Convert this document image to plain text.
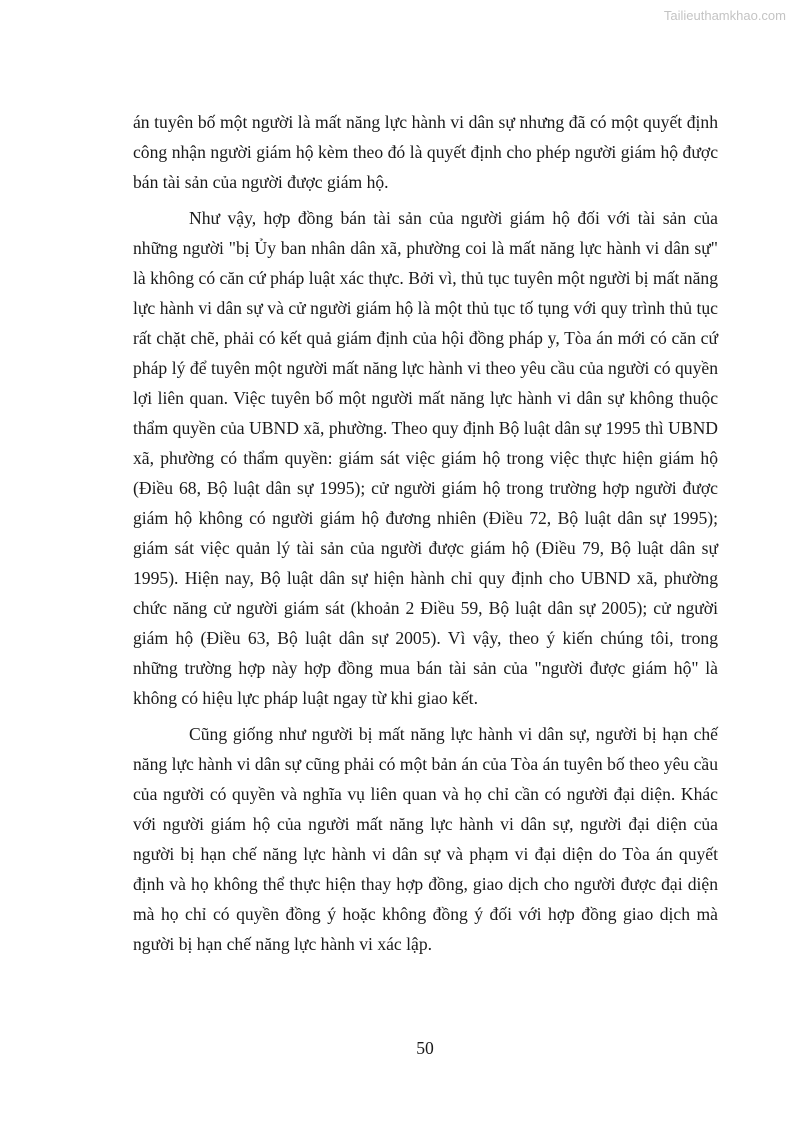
Tailieuthamkhao.com

án tuyên bố một người là mất năng lực hành vi dân sự nhưng đã có một quyết định công nhận người giám hộ kèm theo đó là quyết định cho phép người giám hộ được bán tài sản của người được giám hộ.

Như vậy, hợp đồng bán tài sản của người giám hộ đối với tài sản của những người "bị Ủy ban nhân dân xã, phường coi là mất năng lực hành vi dân sự" là không có căn cứ pháp luật xác thực. Bởi vì, thủ tục tuyên một người bị mất năng lực hành vi dân sự và cử người giám hộ là một thủ tục tố tụng với quy trình thủ tục rất chặt chẽ, phải có kết quả giám định của hội đồng pháp y, Tòa án mới có căn cứ pháp lý để tuyên một người mất năng lực hành vi theo yêu cầu của người có quyền lợi liên quan. Việc tuyên bố một người mất năng lực hành vi dân sự không thuộc thẩm quyền của UBND xã, phường. Theo quy định Bộ luật dân sự 1995 thì UBND xã, phường có thẩm quyền: giám sát việc giám hộ trong việc thực hiện giám hộ (Điều 68, Bộ luật dân sự 1995); cử người giám hộ trong trường hợp người được giám hộ không có người giám hộ đương nhiên (Điều 72, Bộ luật dân sự 1995); giám sát việc quản lý tài sản của người được giám hộ (Điều 79, Bộ luật dân sự 1995). Hiện nay, Bộ luật dân sự hiện hành chỉ quy định cho UBND xã, phường chức năng cử người giám sát (khoản 2 Điều 59, Bộ luật dân sự 2005); cử người giám hộ (Điều 63, Bộ luật dân sự 2005). Vì vậy, theo ý kiến chúng tôi, trong những trường hợp này hợp đồng mua bán tài sản của "người được giám hộ" là không có hiệu lực pháp luật ngay từ khi giao kết.

Cũng giống như người bị mất năng lực hành vi dân sự, người bị hạn chế năng lực hành vi dân sự cũng phải có một bản án của Tòa án tuyên bố theo yêu cầu của người có quyền và nghĩa vụ liên quan và họ chỉ cần có người đại diện. Khác với người giám hộ của người mất năng lực hành vi dân sự, người đại diện của người bị hạn chế năng lực hành vi dân sự và phạm vi đại diện do Tòa án quyết định và họ không thể thực hiện thay hợp đồng, giao dịch cho người được đại diện mà họ chỉ có quyền đồng ý hoặc không đồng ý đối với hợp đồng giao dịch mà người bị hạn chế năng lực hành vi xác lập.

50
